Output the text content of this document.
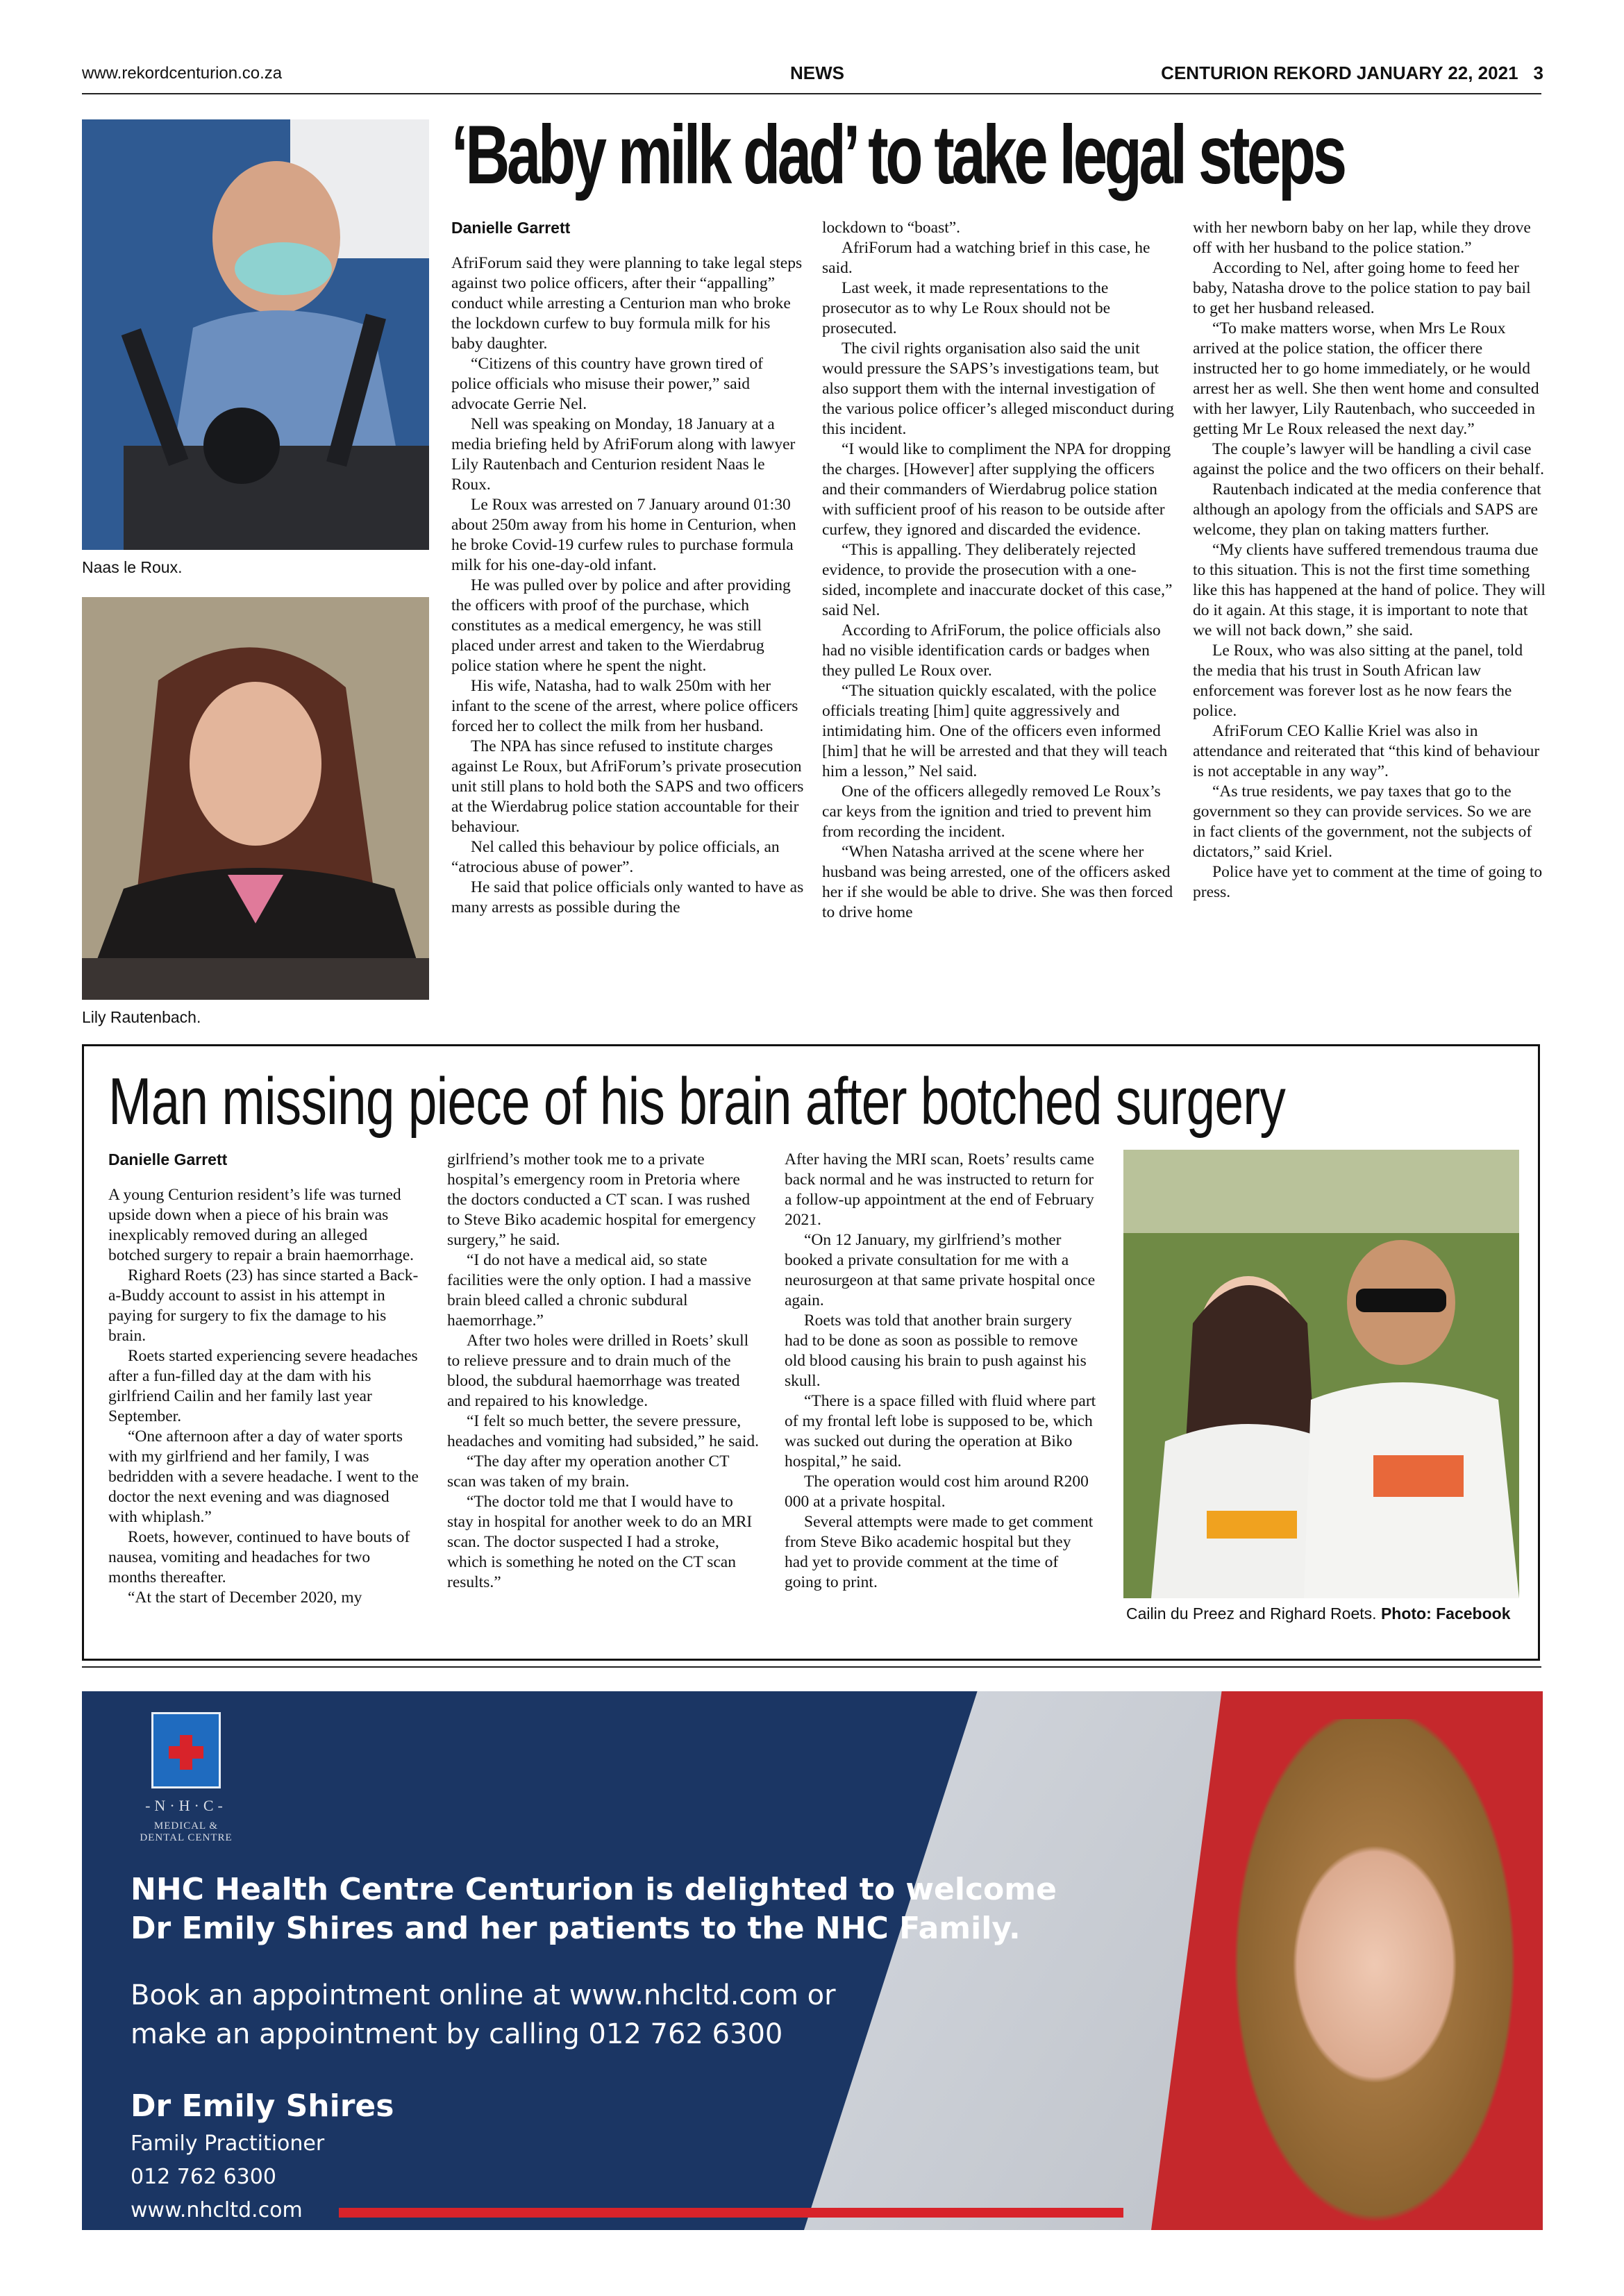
www.rekordcenturion.co.za	NEWS	CENTURION REKORD JANUARY 22, 2021 3
Naas le Roux.
Lily Rautenbach.
‘Baby milk dad’ to take legal steps

Danielle Garrett

AfriForum said they were planning to take legal steps against two police officers, after their “appalling” conduct while arresting a Centurion man who broke the lockdown curfew to buy formula milk for his baby daughter.

“Citizens of this country have grown tired of police officials who misuse their power,” said advocate Gerrie Nel.

Nell was speaking on Monday, 18 January at a media briefing held by AfriForum along with lawyer Lily Rautenbach and Centurion resident Naas le Roux.

Le Roux was arrested on 7 January around 01:30 about 250m away from his home in Centurion, when he broke Covid-19 curfew rules to purchase formula milk for his one-day-old infant.

He was pulled over by police and after providing the officers with proof of the purchase, which constitutes as a medical emergency, he was still placed under arrest and taken to the Wierdabrug police station where he spent the night.

His wife, Natasha, had to walk 250m with her infant to the scene of the arrest, where police officers forced her to collect the milk from her husband.

The NPA has since refused to institute charges against Le Roux, but AfriForum’s private prosecution unit still plans to hold both the SAPS and two officers at the Wierdabrug police station accountable for their behaviour.

Nel called this behaviour by police officials, an “atrocious abuse of power”.

He said that police officials only wanted to have as many arrests as possible during the

lockdown to “boast”.

AfriForum had a watching brief in this case, he said.

Last week, it made representations to the prosecutor as to why Le Roux should not be prosecuted.

The civil rights organisation also said the unit would pressure the SAPS’s investigations team, but also support them with the internal investigation of the various police officer’s alleged misconduct during this incident.

“I would like to compliment the NPA for dropping the charges. [However] after supplying the officers and their commanders of Wierdabrug police station with sufficient proof of his reason to be outside after curfew, they ignored and discarded the evidence.

“This is appalling. They deliberately rejected evidence, to provide the prosecution with a one-sided, incomplete and inaccurate docket of this case,” said Nel.

According to AfriForum, the police officials also had no visible identification cards or badges when they pulled Le Roux over.

“The situation quickly escalated, with the police officials treating [him] quite aggressively and intimidating him. One of the officers even informed [him] that he will be arrested and that they will teach him a lesson,” Nel said.

One of the officers allegedly removed Le Roux’s car keys from the ignition and tried to prevent him from recording the incident.

“When Natasha arrived at the scene where her husband was being arrested, one of the officers asked her if she would be able to drive. She was then forced to drive home

with her newborn baby on her lap, while they drove off with her husband to the police station.”

According to Nel, after going home to feed her baby, Natasha drove to the police station to pay bail to get her husband released.

“To make matters worse, when Mrs Le Roux arrived at the police station, the officer there instructed her to go home immediately, or he would arrest her as well. She then went home and consulted with her lawyer, Lily Rautenbach, who succeeded in getting Mr Le Roux released the next day.”

The couple’s lawyer will be handling a civil case against the police and the two officers on their behalf.

Rautenbach indicated at the media conference that although an apology from the officials and SAPS are welcome, they plan on taking matters further.

“My clients have suffered tremendous trauma due to this situation. This is not the first time something like this has happened at the hand of police. They will do it again. At this stage, it is important to note that we will not back down,” she said.

Le Roux, who was also sitting at the panel, told the media that his trust in South African law enforcement was forever lost as he now fears the police.

AfriForum CEO Kallie Kriel was also in attendance and reiterated that “this kind of behaviour is not acceptable in any way”.

“As true residents, we pay taxes that go to the government so they can provide services. So we are in fact clients of the government, not the subjects of dictators,” said Kriel.

Police have yet to comment at the time of going to press.

Man missing piece of his brain after botched surgery

Danielle Garrett

A young Centurion resident’s life was turned upside down when a piece of his brain was inexplicably removed during an alleged botched surgery to repair a brain haemorrhage.

Righard Roets (23) has since started a Back-a-Buddy account to assist in his attempt in paying for surgery to fix the damage to his brain.

Roets started experiencing severe headaches after a fun-filled day at the dam with his girlfriend Cailin and her family last year September.

“One afternoon after a day of water sports with my girlfriend and her family, I was bedridden with a severe headache. I went to the doctor the next evening and was diagnosed with whiplash.”

Roets, however, continued to have bouts of nausea, vomiting and headaches for two months thereafter.

“At the start of December 2020, my

girlfriend’s mother took me to a private hospital’s emergency room in Pretoria where the doctors conducted a CT scan. I was rushed to Steve Biko academic hospital for emergency surgery,” he said.

“I do not have a medical aid, so state facilities were the only option. I had a massive brain bleed called a chronic subdural haemorrhage.”

After two holes were drilled in Roets’ skull to relieve pressure and to drain much of the blood, the subdural haemorrhage was treated and repaired to his knowledge.

“I felt so much better, the severe pressure, headaches and vomiting had subsided,” he said.

“The day after my operation another CT scan was taken of my brain.

“The doctor told me that I would have to stay in hospital for another week to do an MRI scan. The doctor suspected I had a stroke, which is something he noted on the CT scan results.”

After having the MRI scan, Roets’ results came back normal and he was instructed to return for a follow-up appointment at the end of February 2021.

“On 12 January, my girlfriend’s mother booked a private consultation for me with a neurosurgeon at that same private hospital once again.

Roets was told that another brain surgery had to be done as soon as possible to remove old blood causing his brain to push against his skull.

“There is a space filled with fluid where part of my frontal left lobe is supposed to be, which was sucked out during the operation at Biko hospital,” he said.

The operation would cost him around R200 000 at a private hospital.

Several attempts were made to get comment from Steve Biko academic hospital but they had yet to provide comment at the time of going to print.

Cailin du Preez and Righard Roets. Photo: Facebook
-N·H·C-
MEDICAL & DENTAL CENTRE
NHC Health Centre Centurion is delighted to welcome
Dr Emily Shires and her patients to the NHC Family.
Book an appointment online at www.nhcltd.com or
make an appointment by calling 012 762 6300
Dr Emily Shires
Family Practitioner
012 762 6300
www.nhcltd.com
